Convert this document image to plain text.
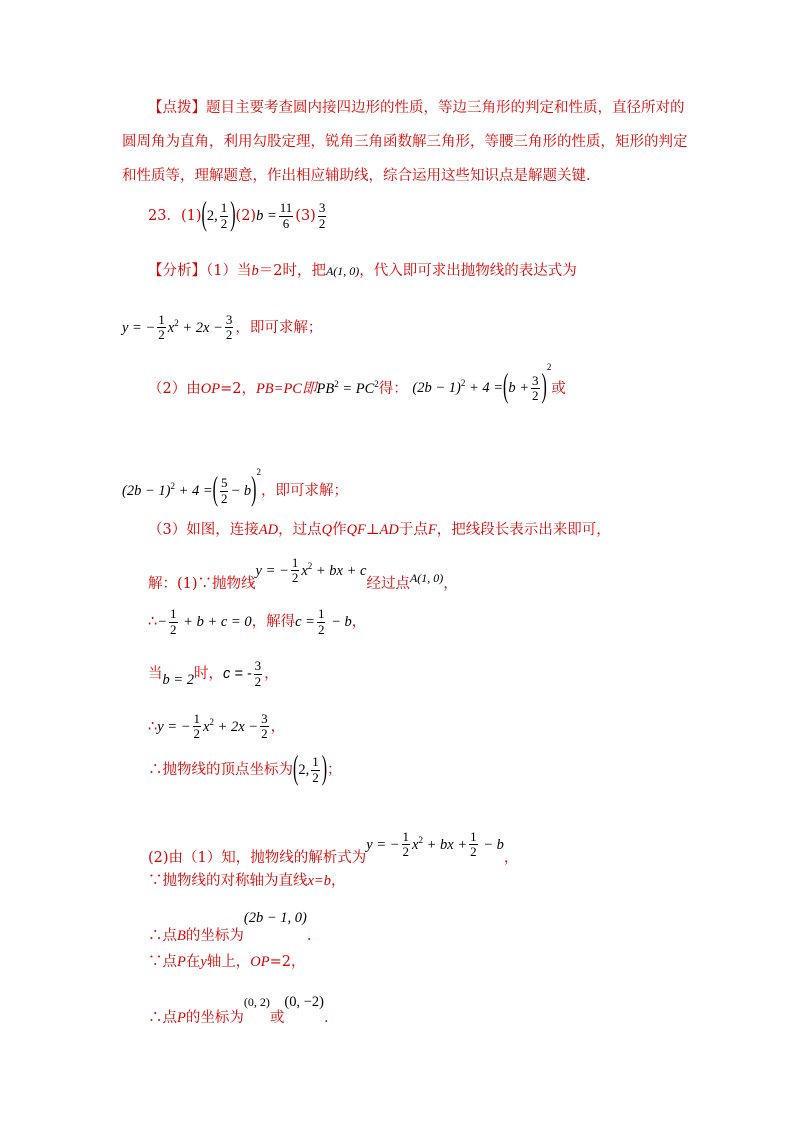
【点拨】题目主要考查圆内接四边形的性质，等边三角形的判定和性质，直径所对的
圆周角为直角，利用勾股定理，锐角三角函数解三角形，等腰三角形的性质，矩形的判定
和性质等，理解题意，作出相应辅助线，综合运用这些知识点是解题关键.
23．(1)(2, $\frac{1}{2} )(2)b = \frac{11}{6} (3) \frac{3}{2}$
【分析】（1）当b＝2时，把A(1, 0)，代入即可求出抛物线的表达式为
y = − $\frac{1}{2} x^2 + 2x - \frac{3}{2}$ ，即可求解；
（2）由OP=2，PB=PC即$PB^2 = PC^2$得： $(2b - 1)^2 + 4 =(b + \frac{3}{2} )^2$或
$(2b - 1)^2 + 4$ =( $\frac{5}{2} - b)^2$，即可求解；
（3）如图，连接AD，过点Q作QF⊥AD于点F，把线段长表示出来即可，
解：(1)∵抛物线y = − $\frac{1}{2} x^2$ + bx + c经过点$_{A(1, 0)}$，
∴− $\frac{1}{2} + b + c = 0$，解得$c = \frac{1}{2} - b$，
当b = 2时，c = - $\frac{3}{2}$ ，
∴y = − $\frac{1}{2} x^2 + 2x - \frac{3}{2}$ ，
∴抛物线的顶点坐标为(2, $\frac{1}{2}$ )；
(2)由（1）知，抛物线的解析式为y = − $\frac{1}{2} x^2$ + bx + $\frac{1}{2} - b$，
∵抛物线的对称轴为直线x=b，
∴点B的坐标为(2b − 1, 0).
∵点P在y轴上，OP=2，
∴点P的坐标为$^{(0, 2)}$或(0, −2).
